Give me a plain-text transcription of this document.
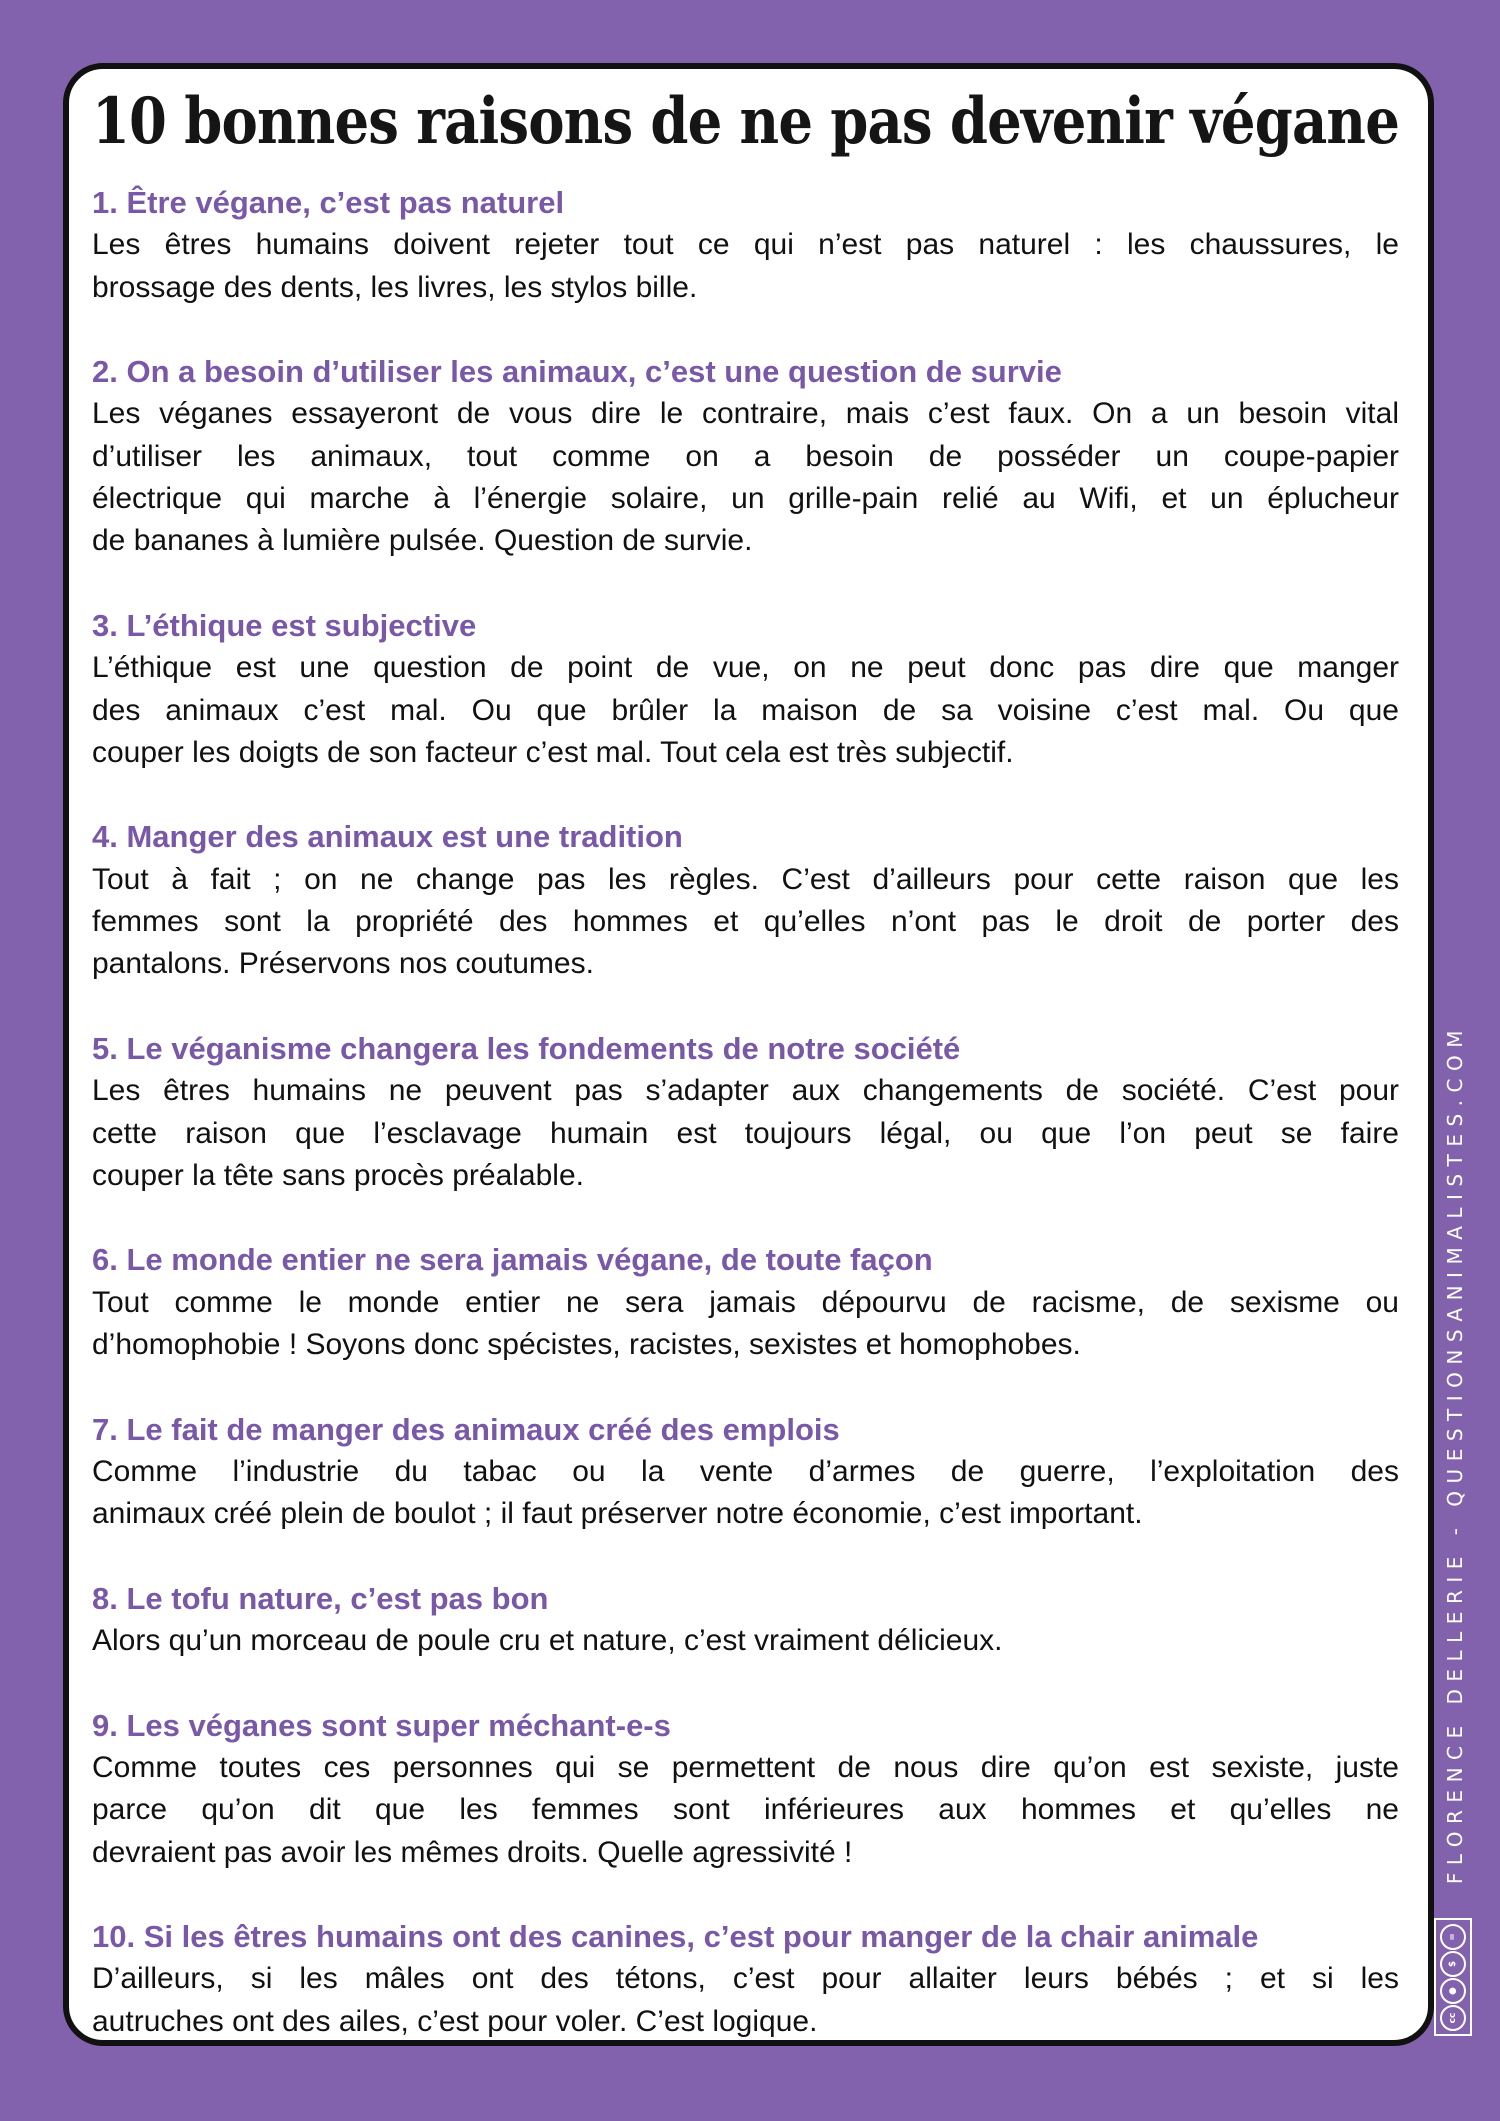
10 bonnes raisons de ne pas devenir végane
1. Être végane, c’est pas naturel
Les êtres humains doivent rejeter tout ce qui n’est pas naturel : les chaussures, le
brossage des dents, les livres, les stylos bille.
2. On a besoin d’utiliser les animaux, c’est une question de survie
Les véganes essayeront de vous dire le contraire, mais c’est faux. On a un besoin vital
d’utiliser les animaux, tout comme on a besoin de posséder un coupe-papier
électrique qui marche à l’énergie solaire, un grille-pain relié au Wifi, et un éplucheur
de bananes à lumière pulsée. Question de survie.
3. L’éthique est subjective
L’éthique est une question de point de vue, on ne peut donc pas dire que manger
des animaux c’est mal. Ou que brûler la maison de sa voisine c’est mal. Ou que
couper les doigts de son facteur c’est mal. Tout cela est très subjectif.
4. Manger des animaux est une tradition
Tout à fait ; on ne change pas les règles. C’est d’ailleurs pour cette raison que les
femmes sont la propriété des hommes et qu’elles n’ont pas le droit de porter des
pantalons. Préservons nos coutumes.
5. Le véganisme changera les fondements de notre société
Les êtres humains ne peuvent pas s’adapter aux changements de société. C’est pour
cette raison que l’esclavage humain est toujours légal, ou que l’on peut se faire
couper la tête sans procès préalable.
6. Le monde entier ne sera jamais végane, de toute façon
Tout comme le monde entier ne sera jamais dépourvu de racisme, de sexisme ou
d’homophobie ! Soyons donc spécistes, racistes, sexistes et homophobes.
7. Le fait de manger des animaux créé des emplois
Comme l’industrie du tabac ou la vente d’armes de guerre, l’exploitation des
animaux créé plein de boulot ; il faut préserver notre économie, c’est important.
8. Le tofu nature, c’est pas bon
Alors qu’un morceau de poule cru et nature, c’est vraiment délicieux.
9. Les véganes sont super méchant-e-s
Comme toutes ces personnes qui se permettent de nous dire qu’on est sexiste, juste
parce qu’on dit que les femmes sont inférieures aux hommes et qu’elles ne
devraient pas avoir les mêmes droits. Quelle agressivité !
10. Si les êtres humains ont des canines, c’est pour manger de la chair animale
D’ailleurs, si les mâles ont des tétons, c’est pour allaiter leurs bébés ; et si les
autruches ont des ailes, c’est pour voler. C’est logique.
FLORENCE DELLERIE - QUESTIONSANIMALISTES.COM
cc
●
$
=
